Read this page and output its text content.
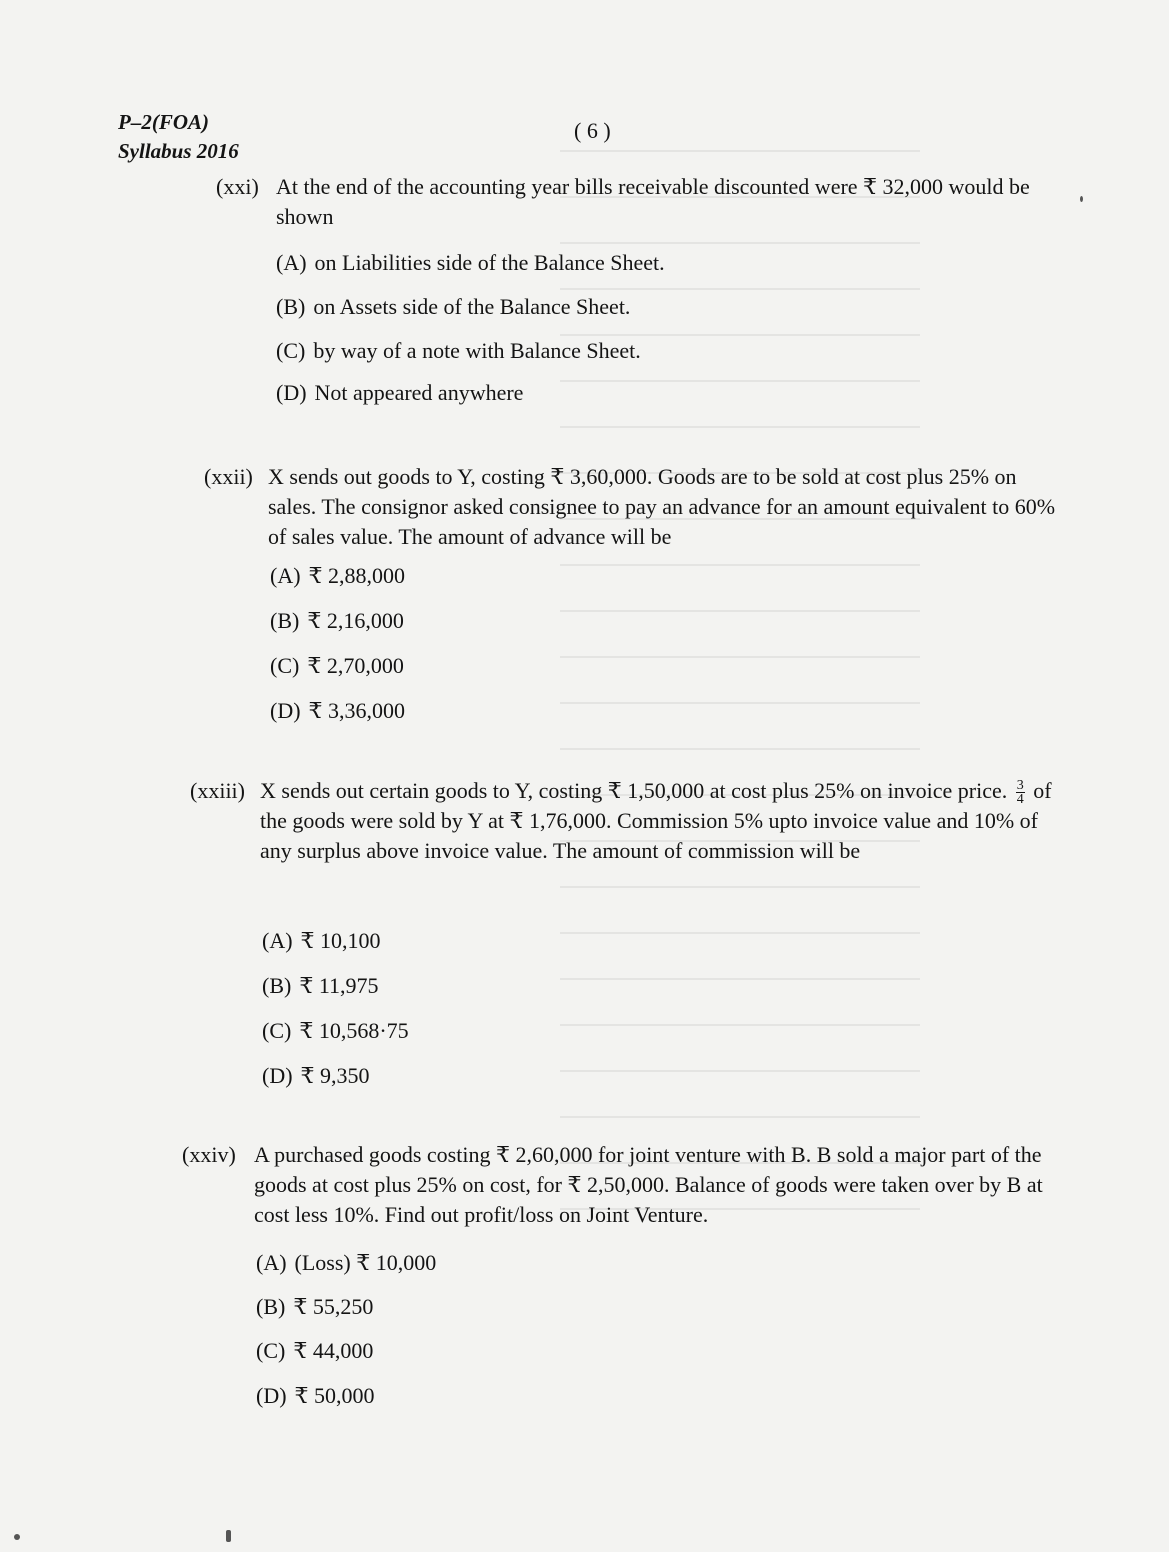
P–2(FOA)
Syllabus 2016
( 6 )
(xxi) At the end of the accounting year bills receivable discounted were ₹ 32,000 would be shown

(A) on Liabilities side of the Balance Sheet.
(B) on Assets side of the Balance Sheet.
(C) by way of a note with Balance Sheet.
(D) Not appeared anywhere
(xxii) X sends out goods to Y, costing ₹ 3,60,000. Goods are to be sold at cost plus 25% on sales. The consignor asked consignee to pay an advance for an amount equivalent to 60% of sales value. The amount of advance will be

(A) ₹ 2,88,000
(B) ₹ 2,16,000
(C) ₹ 2,70,000
(D) ₹ 3,36,000
(xxiii) X sends out certain goods to Y, costing ₹ 1,50,000 at cost plus 25% on invoice price. $\frac{3}{4}$ of the goods were sold by Y at ₹ 1,76,000. Commission 5% upto invoice value and 10% of any surplus above invoice value. The amount of commission will be

(A) ₹ 10,100
(B) ₹ 11,975
(C) ₹ 10,568·75
(D) ₹ 9,350
(xxiv) A purchased goods costing ₹ 2,60,000 for joint venture with B. B sold a major part of the goods at cost plus 25% on cost, for ₹ 2,50,000. Balance of goods were taken over by B at cost less 10%. Find out profit/loss on Joint Venture.

(A) (Loss) ₹ 10,000
(B) ₹ 55,250
(C) ₹ 44,000
(D) ₹ 50,000
